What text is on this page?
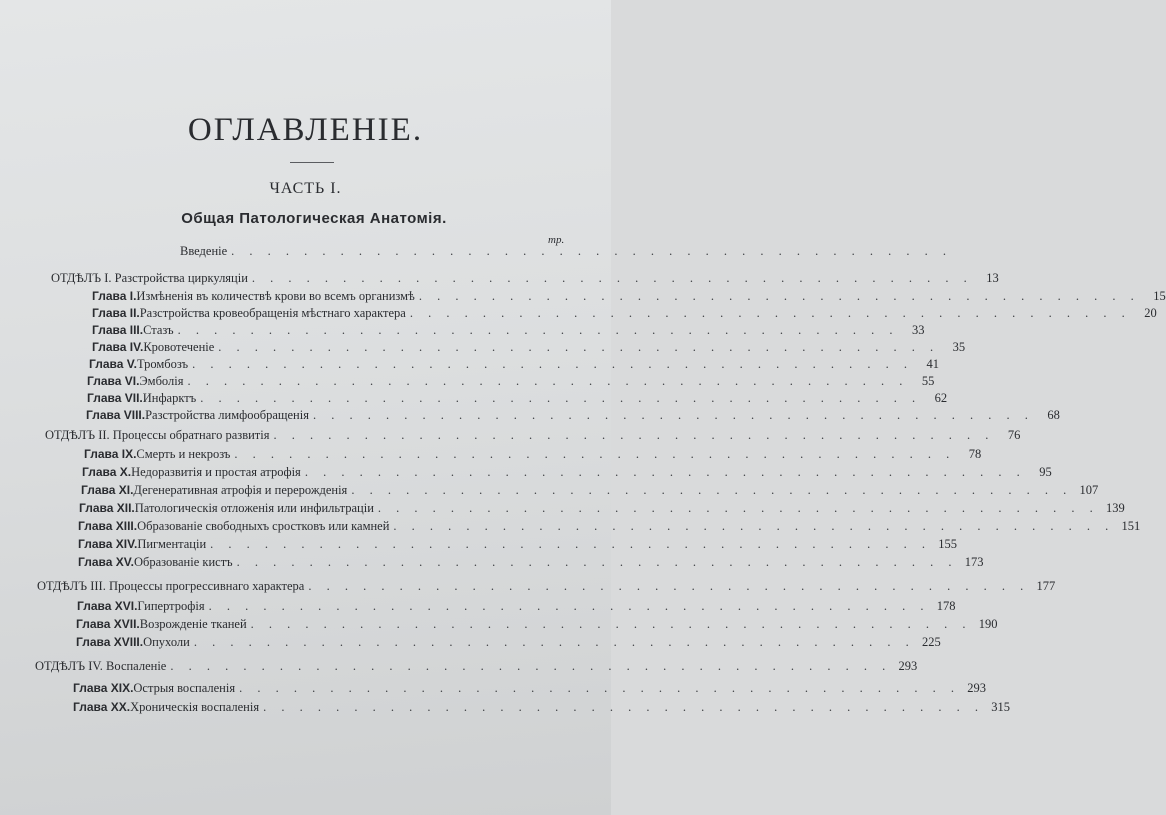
ОГЛАВЛЕНІЕ.
ЧАСТЬ I.
Общая Патологическая Анатомія.
тр.
Введеніе . . . . . . . . . . . . . . . . . . . . . . . . . . . . . . . . . . . . . . . .
ОТДѢЛЪ I. Разстройства циркуляціи . . . . . . . . . . . . . . . . . . . . . . . . . . . . . . . . . . . . . . . .	13
Глава I. Измѣненія въ количествѣ крови во всемъ организмѣ . . . . . . . . . . . . . . . . . . . . . . . . . . . . . . . . . . . . . . . .	15
Глава II. Разстройства кровеобращенія мѣстнаго характера . . . . . . . . . . . . . . . . . . . . . . . . . . . . . . . . . . . . . . . .	20
Глава III. Стазъ . . . . . . . . . . . . . . . . . . . . . . . . . . . . . . . . . . . . . . . .	33
Глава IV. Кровотеченіе . . . . . . . . . . . . . . . . . . . . . . . . . . . . . . . . . . . . . . . .	35
Глава V. Тромбозъ . . . . . . . . . . . . . . . . . . . . . . . . . . . . . . . . . . . . . . . .	41
Глава VI. Эмболія . . . . . . . . . . . . . . . . . . . . . . . . . . . . . . . . . . . . . . . .	55
Глава VII. Инфарктъ . . . . . . . . . . . . . . . . . . . . . . . . . . . . . . . . . . . . . . . .	62
Глава VIII. Разстройства лимфообращенія . . . . . . . . . . . . . . . . . . . . . . . . . . . . . . . . . . . . . . . .	68
ОТДѢЛЪ II. Процессы обратнаго развитія . . . . . . . . . . . . . . . . . . . . . . . . . . . . . . . . . . . . . . . .	76
Глава IX. Смерть и некрозъ . . . . . . . . . . . . . . . . . . . . . . . . . . . . . . . . . . . . . . . .	78
Глава X. Недоразвитія и простая атрофія . . . . . . . . . . . . . . . . . . . . . . . . . . . . . . . . . . . . . . . .	95
Глава XI. Дегенеративная атрофія и перерожденія . . . . . . . . . . . . . . . . . . . . . . . . . . . . . . . . . . . . . . . . 107
Глава XII. Патологическія отложенія или инфильтраціи . . . . . . . . . . . . . . . . . . . . . . . . . . . . . . . . . . . . . . . . 139
Глава XIII. Образованіе свободныхъ сростковъ или камней . . . . . . . . . . . . . . . . . . . . . . . . . . . . . . . . . . . . . . . . 151
Глава XIV. Пигментаціи . . . . . . . . . . . . . . . . . . . . . . . . . . . . . . . . . . . . . . . . 155
Глава XV. Образованіе кистъ . . . . . . . . . . . . . . . . . . . . . . . . . . . . . . . . . . . . . . . . 173
ОТДѢЛЪ III. Процессы прогрессивнаго характера . . . . . . . . . . . . . . . . . . . . . . . . . . . . . . . . . . . . . . . . 177
Глава XVI. Гипертрофія . . . . . . . . . . . . . . . . . . . . . . . . . . . . . . . . . . . . . . . . 178
Глава XVII. Возрожденіе тканей . . . . . . . . . . . . . . . . . . . . . . . . . . . . . . . . . . . . . . . . 190
Глава XVIII. Опухоли . . . . . . . . . . . . . . . . . . . . . . . . . . . . . . . . . . . . . . . . 225
ОТДѢЛЪ IV. Воспаленіе . . . . . . . . . . . . . . . . . . . . . . . . . . . . . . . . . . . . . . . . 293
Глава XIX. Острыя воспаленія . . . . . . . . . . . . . . . . . . . . . . . . . . . . . . . . . . . . . . . . 293
Глава XX. Хроническія воспаленія . . . . . . . . . . . . . . . . . . . . . . . . . . . . . . . . . . . . . . . . 315
